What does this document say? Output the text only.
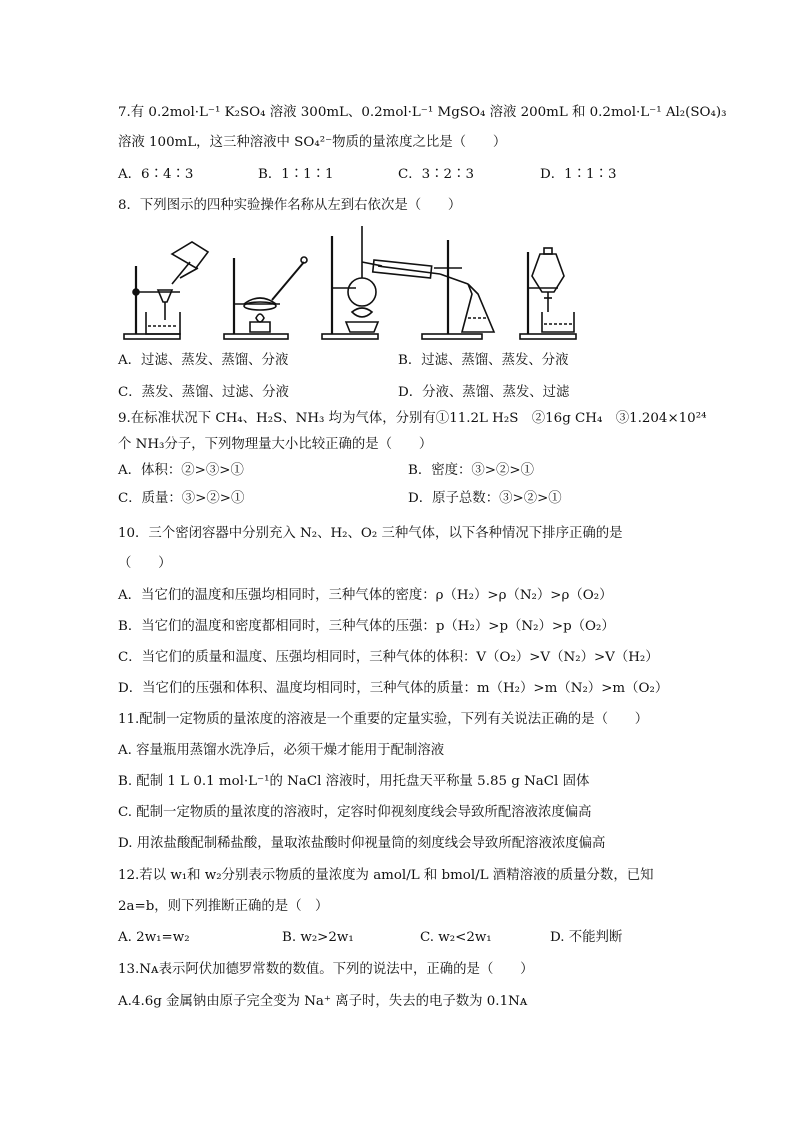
7.有 0.2mol·L⁻¹ K₂SO₄ 溶液 300mL、0.2mol·L⁻¹ MgSO₄ 溶液 200mL 和 0.2mol·L⁻¹ Al₂(SO₄)₃
溶液 100mL，这三种溶液中 SO₄²⁻物质的量浓度之比是（　　）
A．6∶4∶3	B．1∶1∶1	C．3∶2∶3	D．1∶1∶3
8．下列图示的四种实验操作名称从左到右依次是（　　）
A．过滤、蒸发、蒸馏、分液	B．过滤、蒸馏、蒸发、分液
C．蒸发、蒸馏、过滤、分液	D．分液、蒸馏、蒸发、过滤
9.在标准状况下 CH₄、H₂S、NH₃ 均为气体，分别有①11.2L H₂S　②16g CH₄　③1.204×10²⁴
个 NH₃分子，下列物理量大小比较正确的是（　　）
A．体积：②>③>①	B．密度：③>②>①
C．质量：③>②>①	D．原子总数：③>②>①
10．三个密闭容器中分别充入 N₂、H₂、O₂ 三种气体，以下各种情况下排序正确的是
（　　）
A．当它们的温度和压强均相同时，三种气体的密度：ρ（H₂）>ρ（N₂）>ρ（O₂）
B．当它们的温度和密度都相同时，三种气体的压强：p（H₂）>p（N₂）>p（O₂）
C．当它们的质量和温度、压强均相同时，三种气体的体积：V（O₂）>V（N₂）>V（H₂）
D．当它们的压强和体积、温度均相同时，三种气体的质量：m（H₂）>m（N₂）>m（O₂）
11.配制一定物质的量浓度的溶液是一个重要的定量实验，下列有关说法正确的是（　　）
A. 容量瓶用蒸馏水洗净后，必须干燥才能用于配制溶液
B. 配制 1 L 0.1 mol·L⁻¹的 NaCl 溶液时，用托盘天平称量 5.85 g NaCl 固体
C. 配制一定物质的量浓度的溶液时，定容时仰视刻度线会导致所配溶液浓度偏高
D. 用浓盐酸配制稀盐酸，量取浓盐酸时仰视量筒的刻度线会导致所配溶液浓度偏高
12.若以 w₁和 w₂分别表示物质的量浓度为 amol/L 和 bmol/L 酒精溶液的质量分数，已知
2a=b，则下列推断正确的是（　）
A. 2w₁=w₂	B. w₂>2w₁	C. w₂<2w₁	D. 不能判断
13.Nᴀ表示阿伏加德罗常数的数值。下列的说法中，正确的是（　　）
A.4.6g 金属钠由原子完全变为 Na⁺ 离子时，失去的电子数为 0.1Nᴀ
